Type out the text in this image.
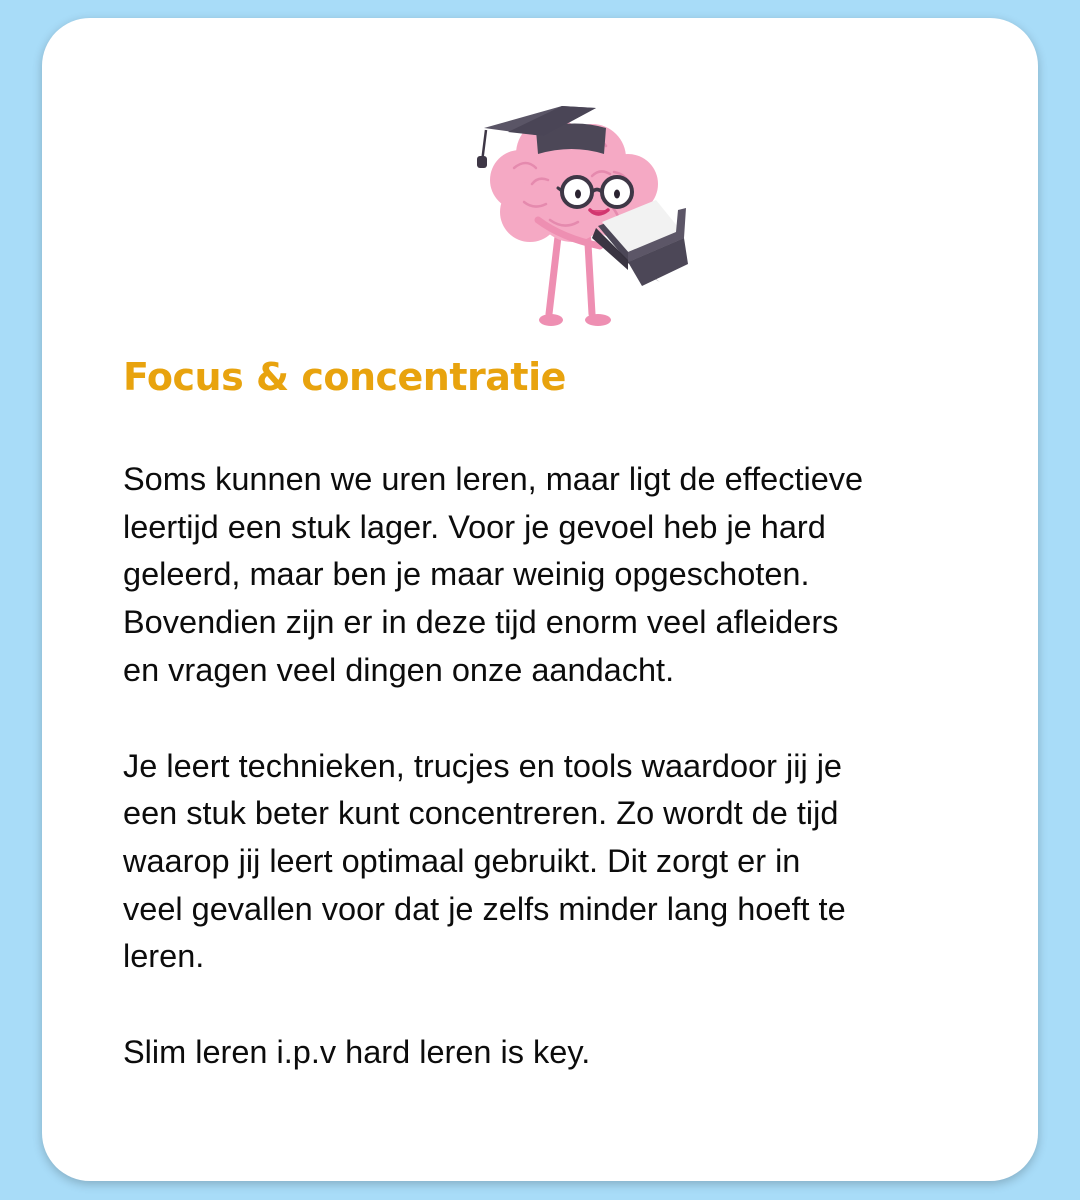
Focus & concentratie

Soms kunnen we uren leren, maar ligt de effectieve

leertijd een stuk lager. Voor je gevoel heb je hard

geleerd, maar ben je maar weinig opgeschoten.

Bovendien zijn er in deze tijd enorm veel afleiders

en vragen veel dingen onze aandacht.

Je leert technieken, trucjes en tools waardoor jij je

een stuk beter kunt concentreren. Zo wordt de tijd

waarop jij leert optimaal gebruikt. Dit zorgt er in

veel gevallen voor dat je zelfs minder lang hoeft te

leren.

Slim leren i.p.v hard leren is key.
